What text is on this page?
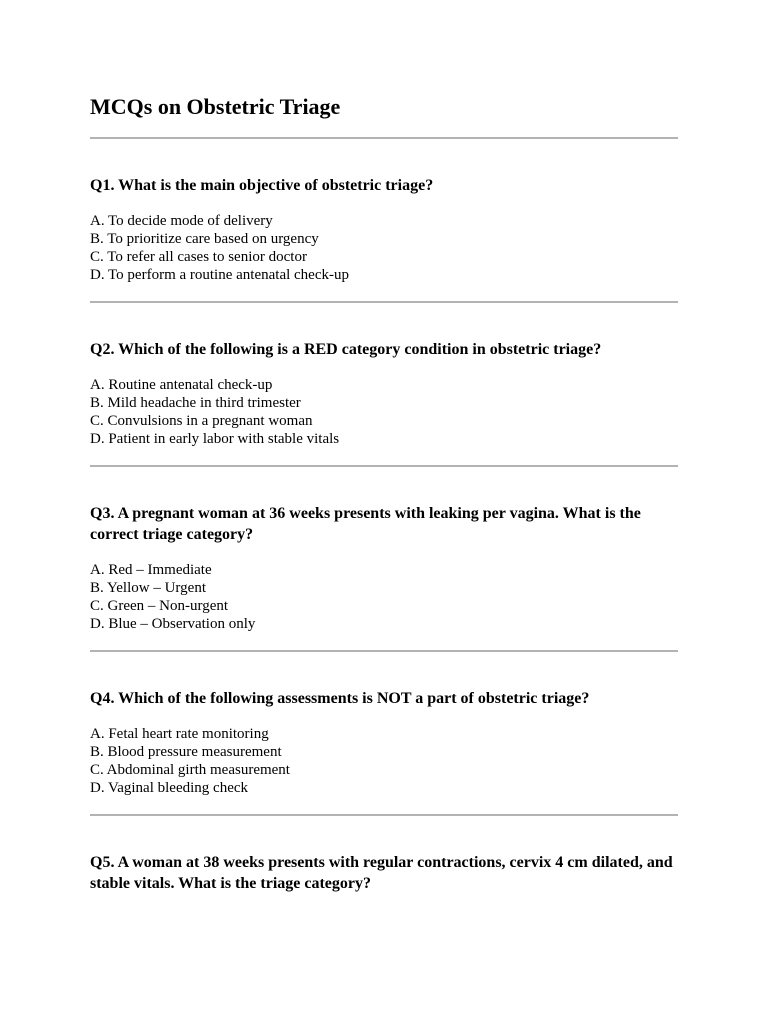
MCQs on Obstetric Triage

Q1. What is the main objective of obstetric triage?

A. To decide mode of delivery
B. To prioritize care based on urgency
C. To refer all cases to senior doctor
D. To perform a routine antenatal check-up

Q2. Which of the following is a RED category condition in obstetric triage?

A. Routine antenatal check-up
B. Mild headache in third trimester
C. Convulsions in a pregnant woman
D. Patient in early labor with stable vitals

Q3. A pregnant woman at 36 weeks presents with leaking per vagina. What is the correct triage category?

A. Red – Immediate
B. Yellow – Urgent
C. Green – Non-urgent
D. Blue – Observation only

Q4. Which of the following assessments is NOT a part of obstetric triage?

A. Fetal heart rate monitoring
B. Blood pressure measurement
C. Abdominal girth measurement
D. Vaginal bleeding check

Q5. A woman at 38 weeks presents with regular contractions, cervix 4 cm dilated, and stable vitals. What is the triage category?
